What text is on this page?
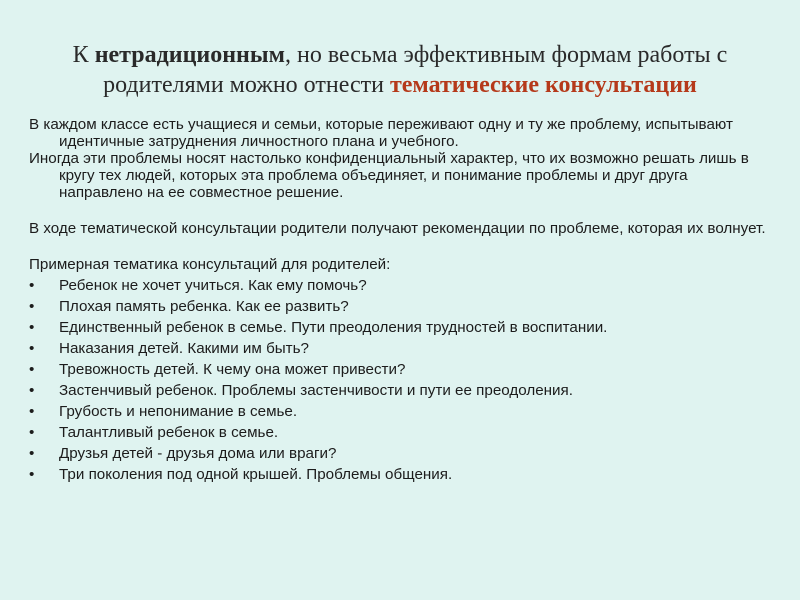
К нетрадиционным, но весьма эффективным формам работы с родителями можно отнести тематические консультации

В каждом классе есть учащиеся и семьи, которые переживают одну и ту же проблему, испытывают идентичные затруднения личностного плана и учебного.

Иногда эти проблемы носят настолько конфиденциальный характер, что их возможно решать лишь в кругу тех людей, которых эта проблема объединяет, и понимание проблемы и друг друга направлено на ее совместное решение.

В ходе тематической консультации родители получают рекомендации по проблеме, которая их волнует.

Примерная тематика консультаций для родителей:

• Ребенок не хочет учиться. Как ему помочь?
• Плохая память ребенка. Как ее развить?
• Единственный ребенок в семье. Пути преодоления трудностей в воспитании.
• Наказания детей. Какими им быть?
• Тревожность детей. К чему она может привести?
• Застенчивый ребенок. Проблемы застенчивости и пути ее преодоления.
• Грубость и непонимание в семье.
• Талантливый ребенок в семье.
• Друзья детей - друзья дома или враги?
• Три поколения под одной крышей. Проблемы общения.
